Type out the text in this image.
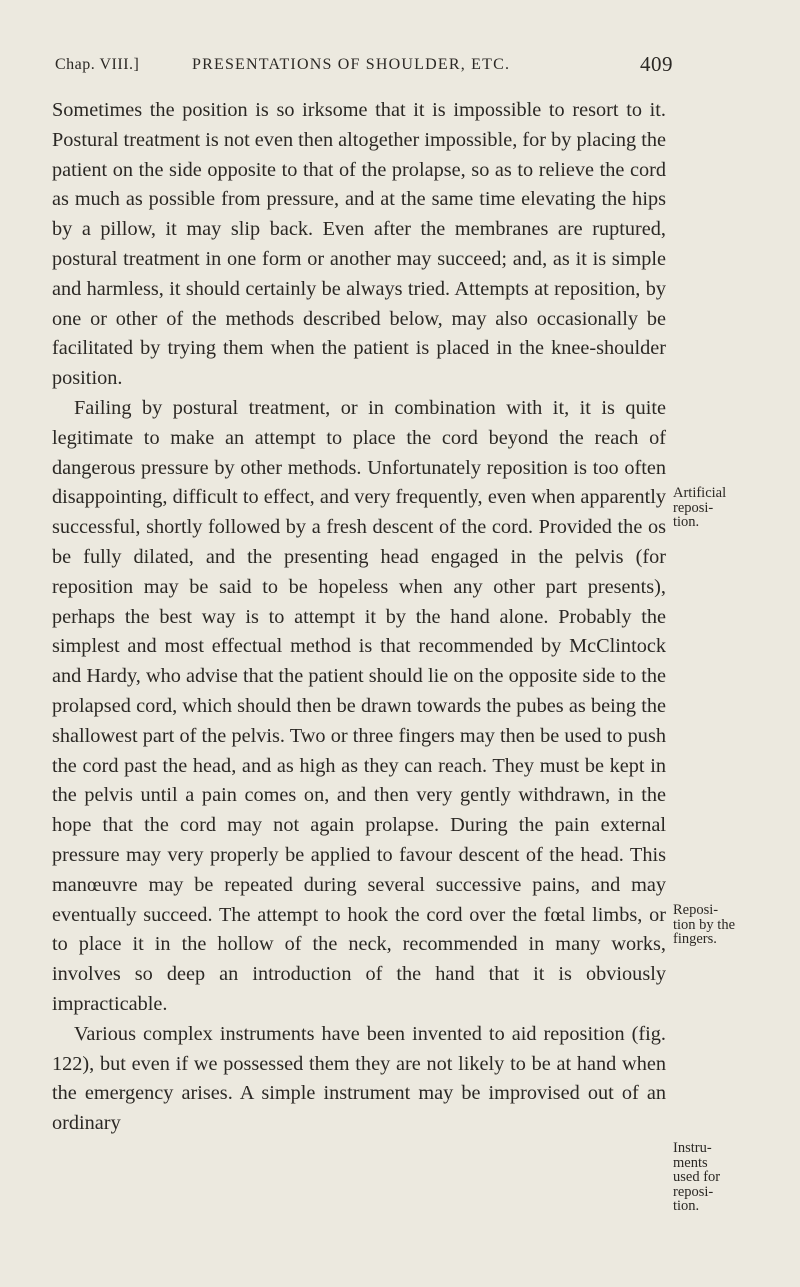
Chap. VIII.]	PRESENTATIONS OF SHOULDER, ETC.	409

Sometimes the position is so irksome that it is impossible to resort to it. Postural treatment is not even then altogether impossible, for by placing the patient on the side opposite to that of the prolapse, so as to relieve the cord as much as possible from pressure, and at the same time elevating the hips by a pillow, it may slip back. Even after the membranes are ruptured, postural treatment in one form or another may succeed; and, as it is simple and harmless, it should certainly be always tried. Attempts at reposition, by one or other of the methods described below, may also occasionally be facilitated by trying them when the patient is placed in the knee-shoulder position.

Failing by postural treatment, or in combination with it, it is quite legitimate to make an attempt to place the cord beyond the reach of dangerous pressure by other methods. Unfortunately reposition is too often disappointing, difficult to effect, and very frequently, even when apparently successful, shortly followed by a fresh descent of the cord. Provided the os be fully dilated, and the presenting head engaged in the pelvis (for reposition may be said to be hopeless when any other part presents), perhaps the best way is to attempt it by the hand alone. Probably the simplest and most effectual method is that recommended by McClintock and Hardy, who advise that the patient should lie on the opposite side to the prolapsed cord, which should then be drawn towards the pubes as being the shallowest part of the pelvis. Two or three fingers may then be used to push the cord past the head, and as high as they can reach. They must be kept in the pelvis until a pain comes on, and then very gently withdrawn, in the hope that the cord may not again prolapse. During the pain external pressure may very properly be applied to favour descent of the head. This manœuvre may be repeated during several successive pains, and may eventually succeed. The attempt to hook the cord over the fœtal limbs, or to place it in the hollow of the neck, recommended in many works, involves so deep an introduction of the hand that it is obviously impracticable.

Various complex instruments have been invented to aid reposition (fig. 122), but even if we possessed them they are not likely to be at hand when the emergency arises. A simple instrument may be improvised out of an ordinary

Artificial
reposi-
tion.
Reposi-
tion by the
fingers.
Instru-
ments
used for
reposi-
tion.
